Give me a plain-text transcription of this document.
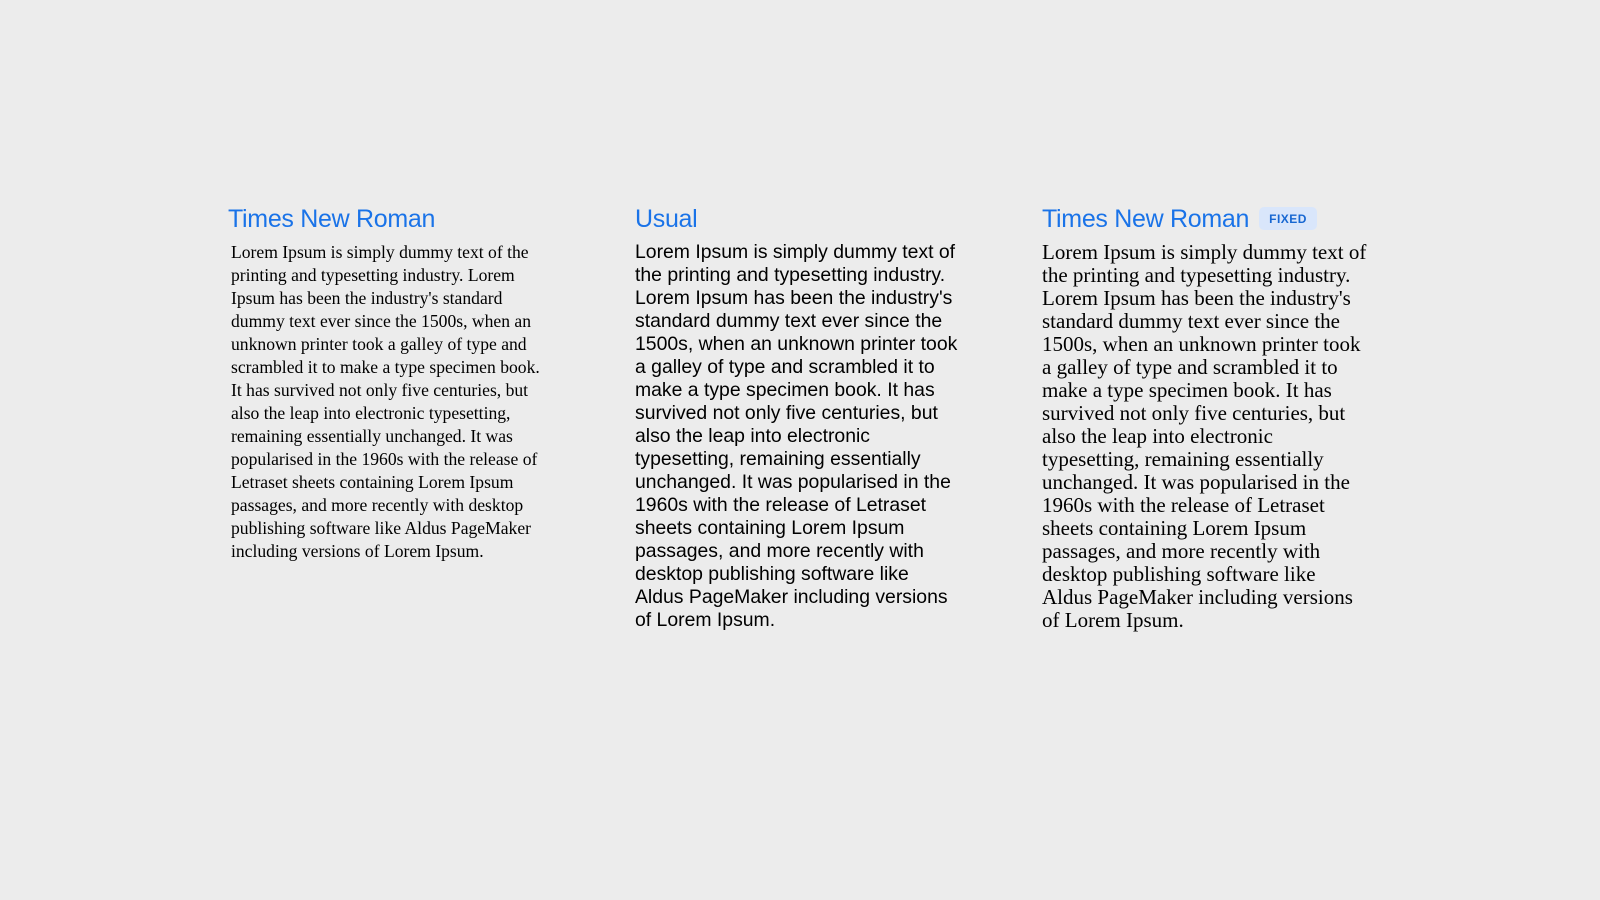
Times New Roman

Lorem Ipsum is simply dummy text of the printing and typesetting industry. Lorem Ipsum has been the industry's standard dummy text ever since the 1500s, when an unknown printer took a galley of type and scrambled it to make a type specimen book. It has survived not only five centuries, but also the leap into electronic typesetting, remaining essentially unchanged. It was popularised in the 1960s with the release of Letraset sheets containing Lorem Ipsum passages, and more recently with desktop publishing software like Aldus PageMaker including versions of Lorem Ipsum.

Usual

Lorem Ipsum is simply dummy text of the printing and typesetting industry. Lorem Ipsum has been the industry's standard dummy text ever since the 1500s, when an unknown printer took a galley of type and scrambled it to make a type specimen book. It has survived not only five centuries, but also the leap into electronic typesetting, remaining essentially unchanged. It was popularised in the 1960s with the release of Letraset sheets containing Lorem Ipsum passages, and more recently with desktop publishing software like Aldus PageMaker including versions of Lorem Ipsum.

Times New Roman	FIXED

Lorem Ipsum is simply dummy text of the printing and typesetting industry. Lorem Ipsum has been the industry's standard dummy text ever since the 1500s, when an unknown printer took a galley of type and scrambled it to make a type specimen book. It has survived not only five centuries, but also the leap into electronic typesetting, remaining essentially unchanged. It was popularised in the 1960s with the release of Letraset sheets containing Lorem Ipsum passages, and more recently with desktop publishing software like Aldus PageMaker including versions of Lorem Ipsum.
